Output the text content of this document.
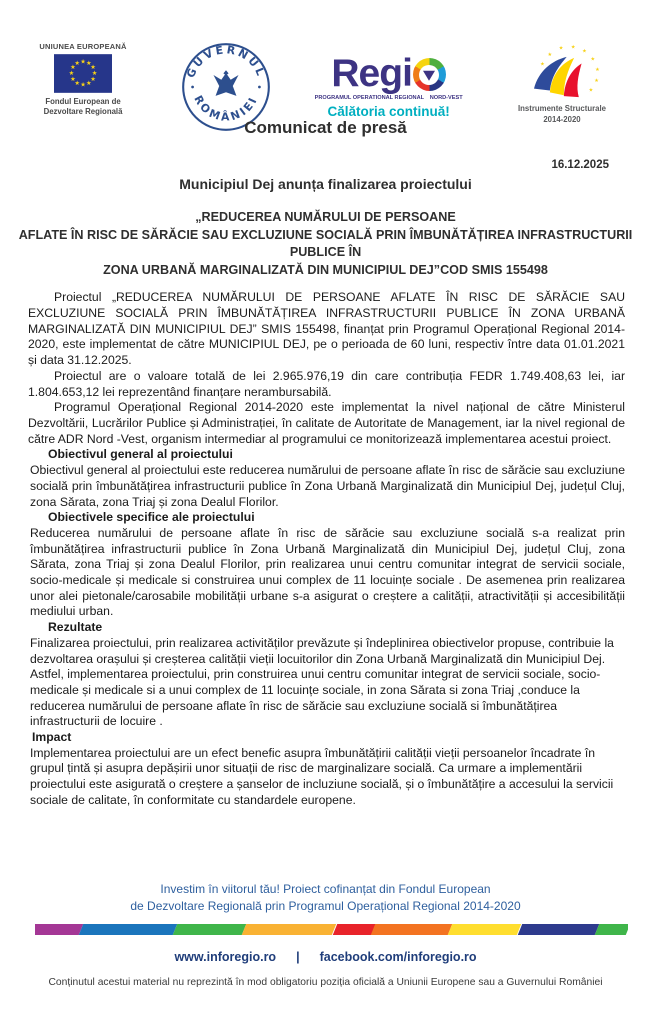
UNIUNEA EUROPEANĂ
★ ★
★
★
★
★
★
★
★
★
★
★
Fondul European de
Dezvoltare Regională
GUVERNUL
ROMÂNIEI
Regi
PROGRAMUL OPERATIONAL REGIONAL NORD-VEST
Călătoria continuă!
★
★
★ ★
★
★
★
★
★
Instrumente Structurale
2014-2020
Comunicat de presă
16.12.2025
Municipiul Dej anunța finalizarea proiectului
„REDUCEREA NUMĂRULUI DE PERSOANE
AFLATE ÎN RISC DE SĂRĂCIE SAU EXCLUZIUNE SOCIALĂ PRIN ÎMBUNĂTĂȚIREA INFRASTRUCTURII PUBLICE ÎN
ZONA URBANĂ MARGINALIZATĂ DIN MUNICIPIUL DEJ”COD SMIS 155498

Proiectul „REDUCEREA NUMĂRULUI DE PERSOANE AFLATE ÎN RISC DE SĂRĂCIE SAU EXCLUZIUNE SOCIALĂ PRIN ÎMBUNĂTĂȚIREA INFRASTRUCTURII PUBLICE ÎN ZONA URBANĂ MARGINALIZATĂ DIN MUNICIPIUL DEJ” SMIS 155498, finanțat prin Programul Operațional Regional 2014-2020, este implementat de către MUNICIPIUL DEJ, pe o perioada de 60 luni, respectiv între data 01.01.2021 și data 31.12.2025.

Proiectul are o valoare totală de lei 2.965.976,19 din care contribuția FEDR 1.749.408,63 lei, iar 1.804.653,12 lei reprezentând finanțare nerambursabilă.

Programul Operațional Regional 2014-2020 este implementat la nivel național de către Ministerul Dezvoltării, Lucrărilor Publice și Administrației, în calitate de Autoritate de Management, iar la nivel regional de către ADR Nord -Vest, organism intermediar al programului ce monitorizează implementarea acestui proiect.

Obiectivul general al proiectului

Obiectivul general al proiectului este reducerea numărului de persoane aflate în risc de sărăcie sau excluziune socială prin îmbunătățirea infrastructurii publice în Zona Urbană Marginalizată din Municipiul Dej, județul Cluj, zona Sărata, zona Triaj și zona Dealul Florilor.

Obiectivele specifice ale proiectului

Reducerea numărului de persoane aflate în risc de sărăcie sau excluziune socială s-a realizat prin îmbunătățirea infrastructurii publice în Zona Urbană Marginalizată din Municipiul Dej, județul Cluj, zona Sărata, zona Triaj și zona Dealul Florilor, prin realizarea unui centru comunitar integrat de servicii sociale, socio-medicale și medicale si construirea unui complex de 11 locuințe sociale . De asemenea prin realizarea unor alei pietonale/carosabile mobilității urbane s-a asigurat o creștere a calității, atractivității și accesibilității mediului urban.

Rezultate

Finalizarea proiectului, prin realizarea activităților prevăzute și îndeplinirea obiectivelor propuse, contribuie la dezvoltarea orașului și creșterea calității vieții locuitorilor din Zona Urbană Marginalizată din Municipiul Dej. Astfel, implementarea proiectului, prin construirea unui centru comunitar integrat de servicii sociale, socio-medicale și medicale si a unui complex de 11 locuințe sociale, in zona Sărata si zona Triaj ,conduce la reducerea numărului de persoane aflate în risc de sărăcie sau excluziune socială si îmbunătățirea infrastructurii de locuire .

Impact

Implementarea proiectului are un efect benefic asupra îmbunătățirii calității vieții persoanelor încadrate în grupul țintă și asupra depășirii unor situații de risc de marginalizare socială. Ca urmare a implementării proiectului este asigurată o creștere a șanselor de incluziune socială, și o îmbunătățire a accesului la servicii sociale de calitate, în conformitate cu standardele europene.

Investim în viitorul tău! Proiect cofinanțat din Fondul European
de Dezvoltare Regională prin Programul Operațional Regional 2014-2020
www.inforegio.ro | facebook.com/inforegio.ro
Conținutul acestui material nu reprezintă în mod obligatoriu poziția oficială a Uniunii Europene sau a Guvernului României
